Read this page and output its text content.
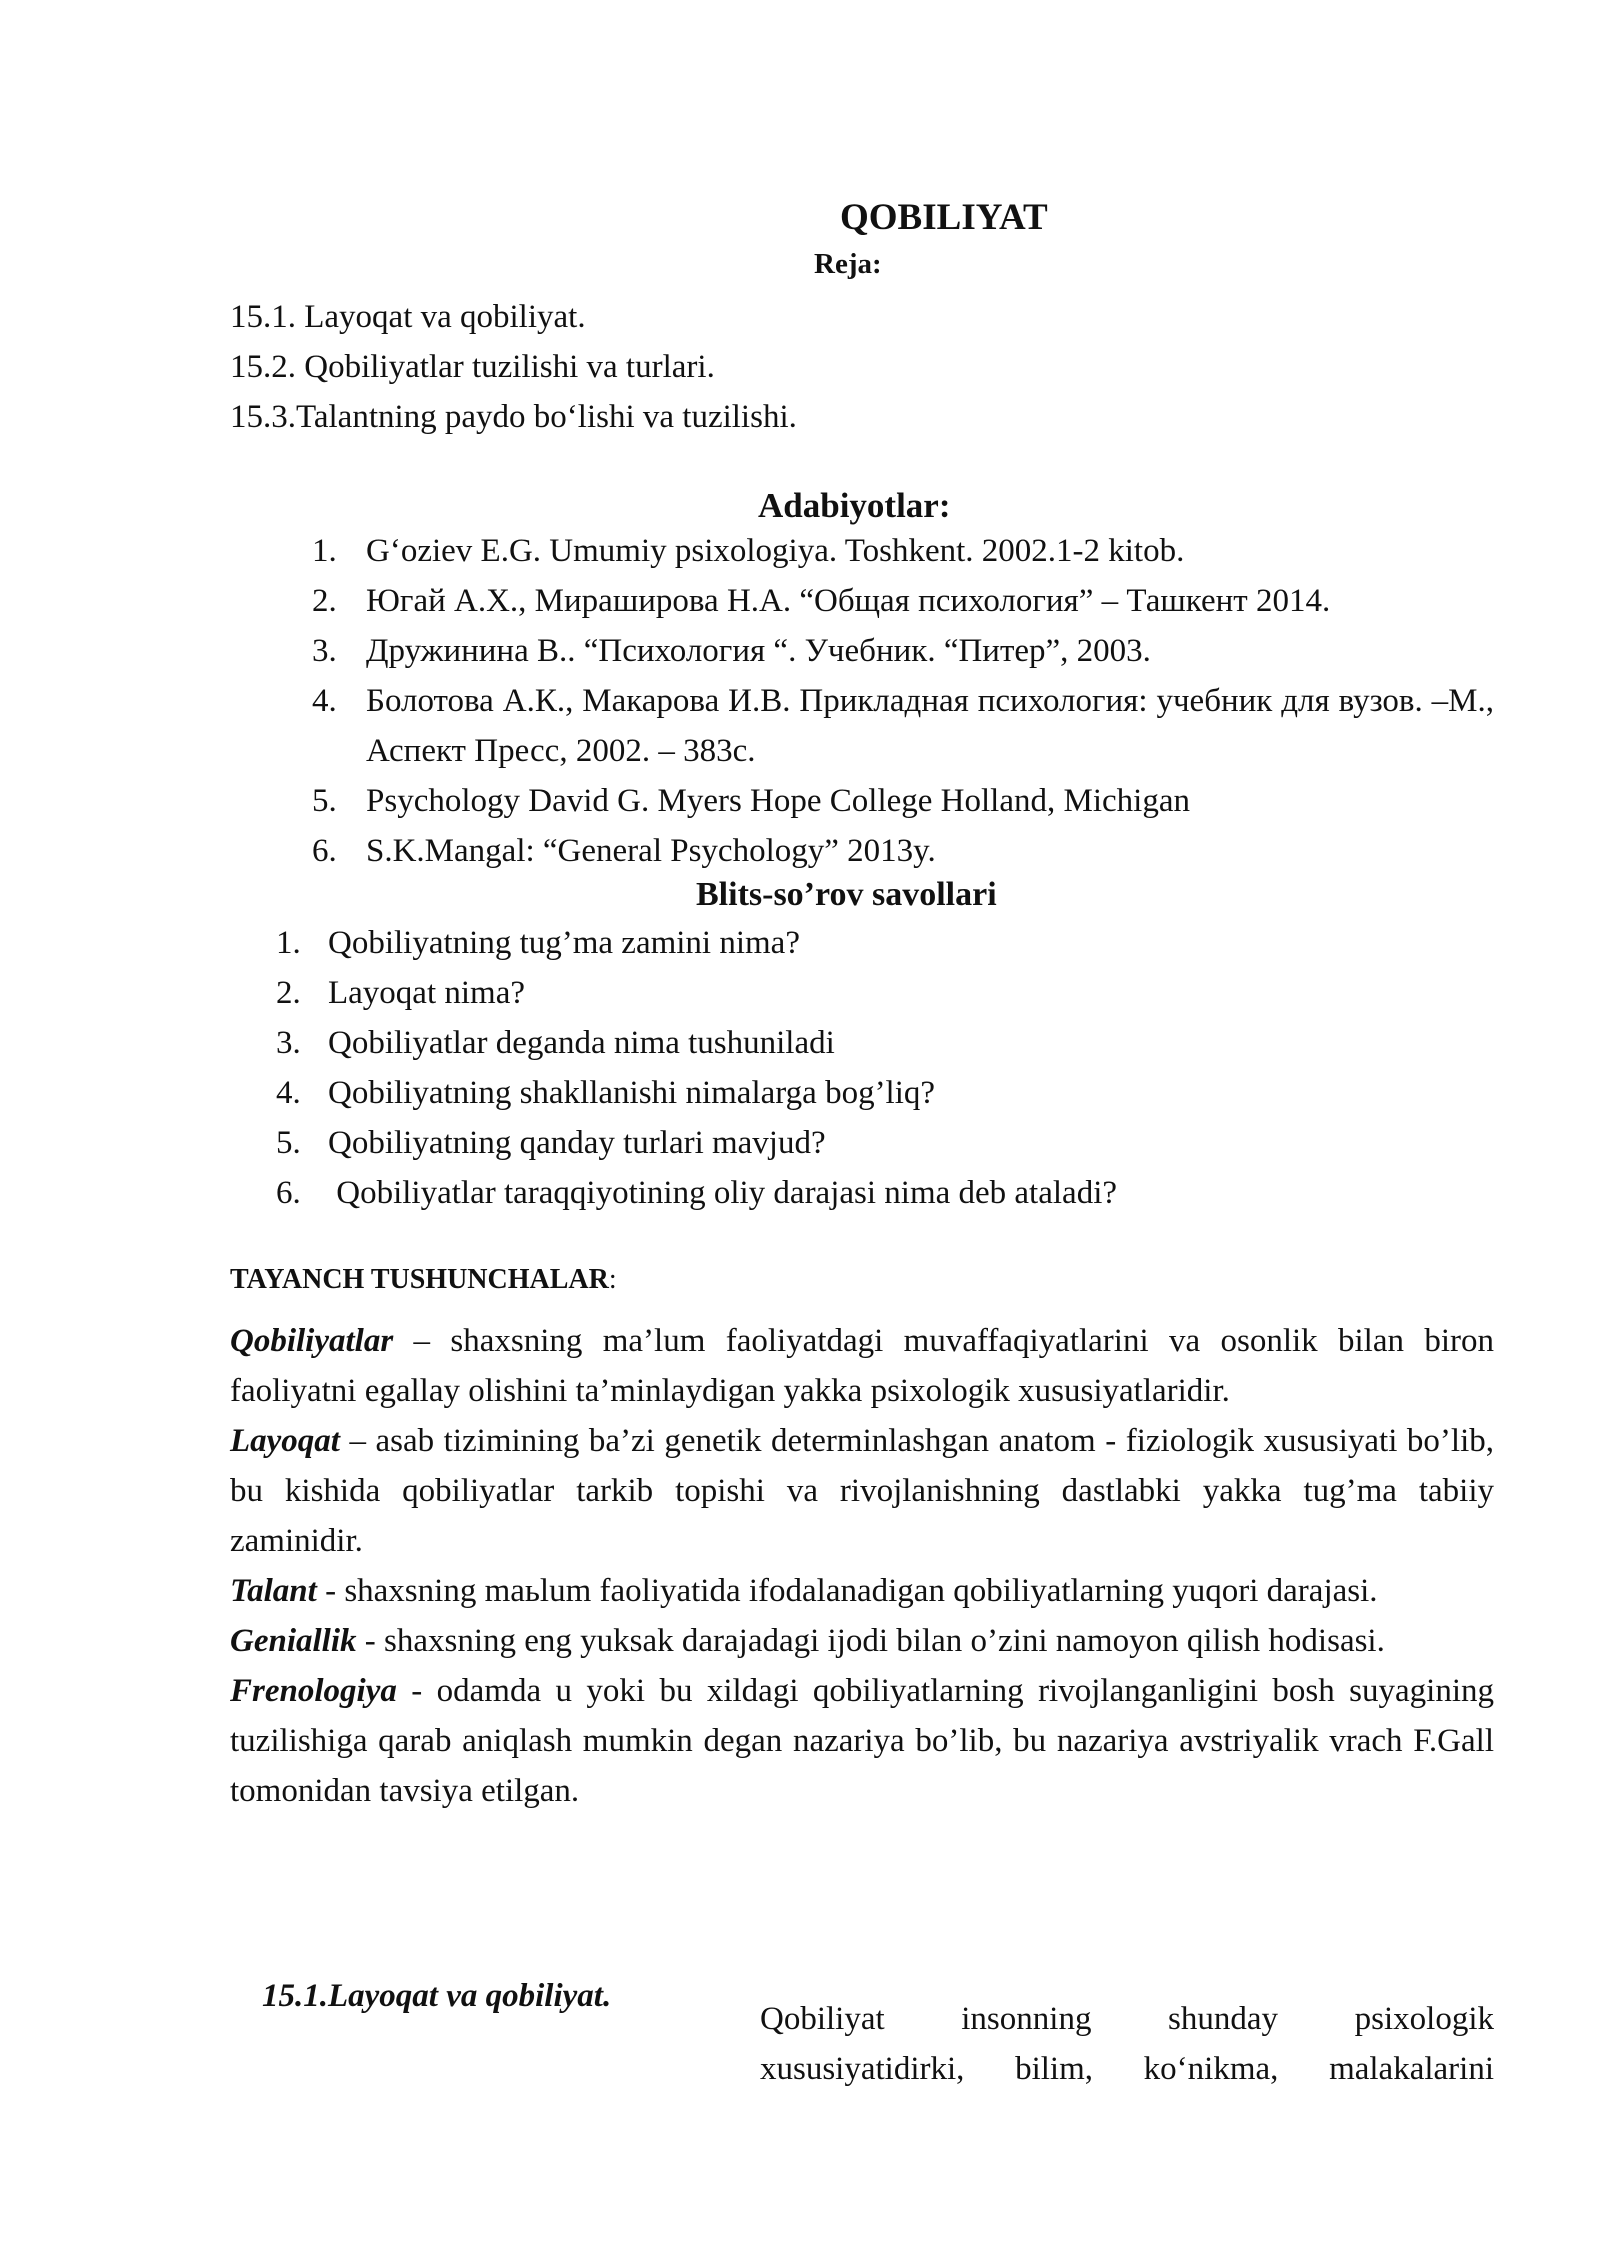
QOBILIYAT
Reja:
15.1. Layoqat va qobiliyat.
15.2. Qobiliyatlar tuzilishi va turlari.
15.3.Talantning paydo bo‘lishi va tuzilishi.
Adabiyotlar:
1. G‘oziev E.G. Umumiy psixologiya. Toshkent. 2002.1-2 kitob.
2. Югай А.Х., Мираширова Н.А. “Общая психология” – Ташкент 2014.
3. Дружинина В.. “Психология “. Учебник. “Питер”, 2003.
4. Болотова А.К., Макарова И.В. Прикладная психология: учебник для вузов. –М., Аспект Пресс, 2002. – 383с.
5. Psychology David G. Myers Hope College Holland, Michigan
6. S.K.Mangal: “General Psychology” 2013y.
Blits-so’rov savollari
1. Qobiliyatning tug’ma zamini nima?
2. Layoqat nima?
3. Qobiliyatlar deganda nima tushuniladi
4. Qobiliyatning shakllanishi nimalarga bog’liq?
5. Qobiliyatning qanday turlari mavjud?
6. Qobiliyatlar taraqqiyotining oliy darajasi nima deb ataladi?
TAYANCH TUSHUNCHALAR:

Qobiliyatlar – shaxsning ma’lum faoliyatdagi muvaffaqiyatlarini va osonlik bilan biron faoliyatni egallay olishini ta’minlaydigan yakka psixologik xususiyatlaridir.

Layoqat – asab tizimining ba’zi genetik determinlashgan anatom - fiziologik xususiyati bo’lib, bu kishida qobiliyatlar tarkib topishi va rivojlanishning dastlabki yakka tug’ma tabiiy zaminidir.

Talant - shaxsning maьlum faoliyatida ifodalanadigan qobiliyatlarning yuqori darajasi.

Geniallik - shaxsning eng yuksak darajadagi ijodi bilan o’zini namoyon qilish hodisasi.

Frenologiya - odamda u yoki bu xildagi qobiliyatlarning rivojlanganligini bosh suyagining tuzilishiga qarab aniqlash mumkin degan nazariya bo’lib, bu nazariya avstriyalik vrach F.Gall tomonidan tavsiya etilgan.

15.1.Layoqat va qobiliyat.
Qobiliyat insonning shunday psixologik
xususiyatidirki, bilim, ko‘nikma, malakalarini
